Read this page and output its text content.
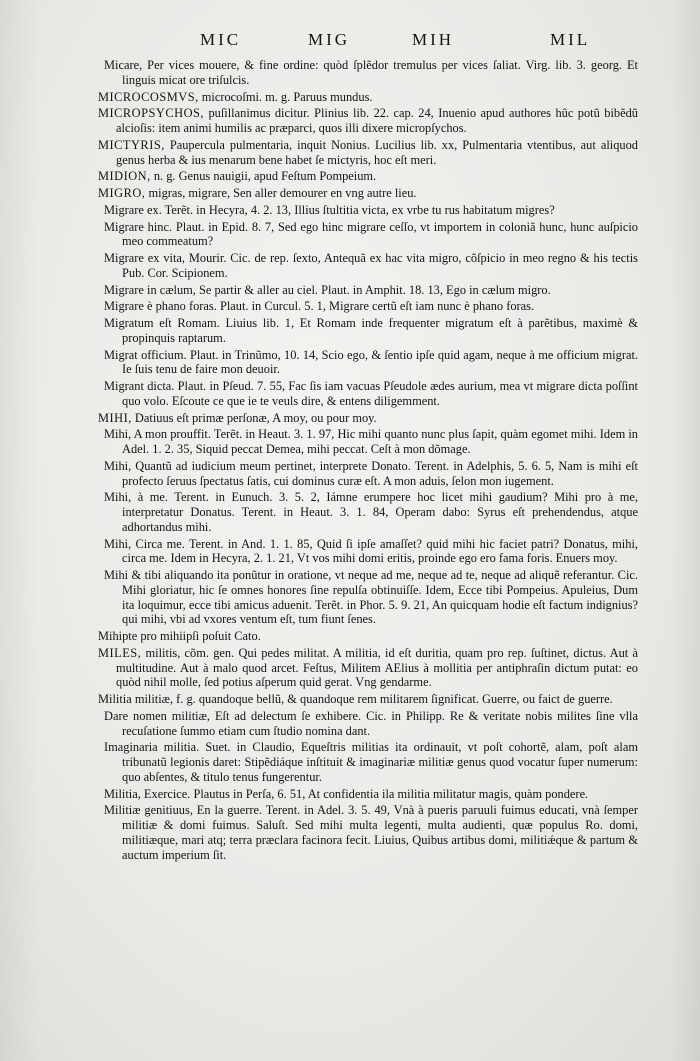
MIC	MIG	MIH	MIL

Micare, Per vices mouere, & fine ordine: quòd ſplẽdor tremulus per vices ſaliat. Virg. lib. 3. georg. Et linguis micat ore triſulcis.

MICROCOSMVS, microcoſmi. m. g. Paruus mundus.

MICROPSYCHOS, puſillanimus dicitur. Plinius lib. 22. cap. 24, Inuenio apud authores hûc potũ bibẽdũ alcioſis: item animi humilis ac præparci, quos illi dixere micropſychos.

MICTYRIS, Paupercula pulmentaria, inquit Nonius. Lucilius lib. xx, Pulmentaria vtentibus, aut aliquod genus herba & ius menarum bene habet ſe mictyris, hoc eſt meri.

MIDION, n. g. Genus nauigii, apud Feſtum Pompeium.

MIGRO, migras, migrare, Sen aller demourer en vng autre lieu.

Migrare ex. Terẽt. in Hecyra, 4. 2. 13, Illius ſtultitia victa, ex vrbe tu rus habitatum migres?

Migrare hinc. Plaut. in Epid. 8. 7, Sed ego hinc migrare ceſſo, vt importem in coloniã hunc, hunc auſpicio meo commeatum?

Migrare ex vita, Mourir. Cic. de rep. ſexto, Antequã ex hac vita migro, cõſpicio in meo regno & his tectis Pub. Cor. Scipionem.

Migrare in cælum, Se partir & aller au ciel. Plaut. in Amphit. 18. 13, Ego in cælum migro.

Migrare è phano foras. Plaut. in Curcul. 5. 1, Migrare certũ eſt iam nunc è phano foras.

Migratum eſt Romam. Liuius lib. 1, Et Romam inde frequenter migratum eſt à parẽtibus, maximè & propinquis raptarum.

Migrat officium. Plaut. in Trinũmo, 10. 14, Scio ego, & ſentio ipſe quid agam, neque à me officium migrat. Ie ſuis tenu de faire mon deuoir.

Migrant dicta. Plaut. in Pſeud. 7. 55, Fac ſis iam vacuas Pſeudole ædes aurium, mea vt migrare dicta poſſint quo volo. Eſcoute ce que ie te veuls dire, & entens diligemment.

MIHI, Datiuus eſt primæ perſonæ, A moy, ou pour moy.

Mihi, A mon prouffit. Terẽt. in Heaut. 3. 1. 97, Hic mihi quanto nunc plus ſapit, quàm egomet mihi. Idem in Adel. 1. 2. 35, Siquid peccat Demea, mihi peccat. Ceſt à mon dõmage.

Mihi, Quantũ ad iudicium meum pertinet, interprete Donato. Terent. in Adelphis, 5. 6. 5, Nam is mihi eſt profecto ſeruus ſpectatus ſatis, cui dominus curæ eſt. A mon aduis, ſelon mon iugement.

Mihi, à me. Terent. in Eunuch. 3. 5. 2, Iámne erumpere hoc licet mihi gaudium? Mihi pro à me, interpretatur Donatus. Terent. in Heaut. 3. 1. 84, Operam dabo: Syrus eſt prehendendus, atque adhortandus mihi.

Mihi, Circa me. Terent. in And. 1. 1. 85, Quid ſi ipſe amaſſet? quid mihi hic faciet patri? Donatus, mihi, circa me. Idem in Hecyra, 2. 1. 21, Vt vos mihi domi eritis, proinde ego ero fama foris. Enuers moy.

Mihi & tibi aliquando ita ponũtur in oratione, vt neque ad me, neque ad te, neque ad aliquẽ referantur. Cic. Mihi gloriatur, hic ſe omnes honores ſine repulſa obtinuiſſe. Idem, Ecce tibi Pompeius. Apuleius, Dum ita loquimur, ecce tibi amicus aduenit. Terẽt. in Phor. 5. 9. 21, An quicquam hodie eſt factum indignius? qui mihi, vbi ad vxores ventum eſt, tum fiunt ſenes.

Mihipte pro mihiipſi poſuit Cato.

MILES, militis, cõm. gen. Qui pedes militat. A militia, id eſt duritia, quam pro rep. ſuſtinet, dictus. Aut à multitudine. Aut à malo quod arcet. Feſtus, Militem AElius à mollitia per antiphraſin dictum putat: eo quòd nihil molle, ſed potius aſperum quid gerat. Vng gendarme.

Militia militiæ, f. g. quandoque bellũ, & quandoque rem militarem ſignificat. Guerre, ou faict de guerre.

Dare nomen militiæ, Eſt ad delectum ſe exhibere. Cic. in Philipp. Re & veritate nobis milites ſine vlla recuſatione ſummo etiam cum ſtudio nomina dant.

Imaginaria militia. Suet. in Claudio, Equeſtris militias ita ordinauit, vt poſt cohortẽ, alam, poſt alam tribunatũ legionis daret: Stipẽdiáque inſtituit & imaginariæ militiæ genus quod vocatur ſuper numerum: quo abſentes, & titulo tenus fungerentur.

Militia, Exercice. Plautus in Perſa, 6. 51, At confidentia ila militia militatur magis, quàm pondere.

Militiæ genitiuus, En la guerre. Terent. in Adel. 3. 5. 49, Vnà à pueris paruuli fuimus educati, vnà ſemper militiæ & domi fuimus. Saluſt. Sed mihi multa legenti, multa audienti, quæ populus Ro. domi, militiæque, mari atq; terra præclara facinora fecit. Liuius, Quibus artibus domi, militiǽque & partum & auctum imperium ſit.
